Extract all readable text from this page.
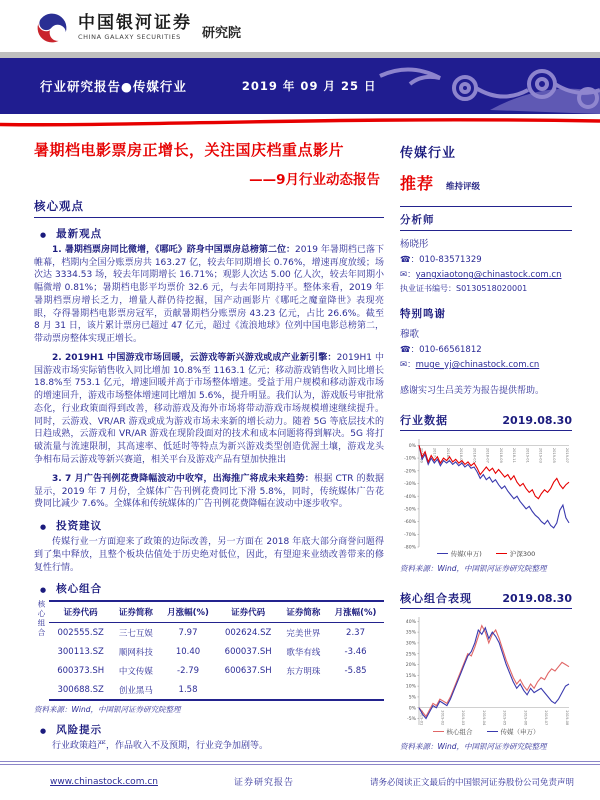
中国银河证券
CHINA GALAXY SECURITIES	研究院
行业研究报告●传媒行业	2019 年 09 月 25 日
暑期档电影票房正增长，关注国庆档重点影片
——9月行业动态报告
核心观点
● 最新观点

1. 暑期档票房同比微增，《哪吒》跻身中国票房总榜第二位：2019 年暑期档已落下帷幕，档期内全国分账票房共 163.27 亿，较去年同期增长 0.76%，增速再度放缓；场次达 3334.53 场，较去年同期增长 16.71%；观影人次达 5.00 亿人次，较去年同期小幅微增 0.81%；暑期档电影平均票价 32.6 元，与去年同期持平。整体来看，2019 年暑期档票房增长乏力，增量人群仍待挖掘，国产动画影片《哪吒之魔童降世》表现亮眼，夺得暑期档电影票房冠军，贡献暑期档分账票房 43.23 亿元，占比 26.6%。截至 8 月 31 日，该片累计票房已超过 47 亿元，超过《流浪地球》位列中国电影总榜第二，带动票房整体实现正增长。

2. 2019H1 中国游戏市场回暖，云游戏等新兴游戏或成产业新引擎：2019H1 中国游戏市场实际销售收入同比增加 10.8%至 1163.1 亿元；移动游戏销售收入同比增长 18.8%至 753.1 亿元，增速回暖并高于市场整体增速。受益于用户规模和移动游戏市场的增速回升，游戏市场整体增速同比增加 5.6%，提升明显。我们认为，游戏版号审批常态化，行业政策面得到改善，移动游戏及海外市场将带动游戏市场规模增速继续提升。同时，云游戏、VR/AR 游戏或成为游戏市场未来新的增长动力。随着 5G 等底层技术的日趋成熟，云游戏和 VR/AR 游戏在现阶段面对的技术和成本问题将得到解决。5G 将打破流量与流速限制，其高速率、低延时等特点为新兴游戏类型创造优渥土壤，游戏龙头争相布局云游戏等新兴赛道，相关平台及游戏产品有望加快推出

3. 7 月广告刊例花费降幅波动中收窄，出海推广将成未来趋势：根据 CTR 的数据显示，2019 年 7 月份，全媒体广告刊例花费同比下滑 5.8%，同时，传统媒体广告花费同比减少 7.6%。全媒体和传统媒体的广告刊例花费降幅在波动中逐步收窄。

● 投资建议

传媒行业一方面迎来了政策的边际改善，另一方面在 2018 年底大部分商誉问题得到了集中释放，且整个板块估值处于历史绝对低位，因此，有望迎来业绩改善带来的修复性行情。

● 核心组合
核心组合	证券代码	证券简称	月涨幅(%)	证券代码	证券简称	月涨幅(%)
002555.SZ	三七互娱	7.97	002624.SZ	完美世界	2.37
300113.SZ	顺网科技	10.40	600037.SH	歌华有线	-3.46
600373.SH	中文传媒	-2.79	600637.SH	东方明珠	-5.85
300688.SZ	创业黑马	1.58			
资料来源：Wind，中国银河证券研究院整理
● 风险提示

行业政策趋严，作品收入不及预期，行业竞争加剧等。

传媒行业
推荐 维持评级
分析师
杨晓彤
☎：010-83571329
✉：yangxiaotong@chinastock.com.cn
执业证书编号：S0130518020001
特别鸣谢
穆歌
☎：010-66561812
✉：muge_yj@chinastock.com.cn
感谢实习生吕美芳为报告提供帮助。
行业数据	2019.08.30
0%
-10%
-20%
-30%
-40%
-50%
-60%
-70%
-80%
2017-09	2017-11	2018-01	2018-03	2018-05	2018-07	2018-09	2018-11	2019-01	2019-03	2019-05	2019-07
传媒(申万)	沪深300
资料来源：Wind，中国银河证券研究院整理
核心组合表现	2019.08.30
40%
35%
30%
25%
20%
15%
10%
5%
0%
-5% 2019-01	2019-02	2019-03	2019-04	2019-05	2019-06	2019-07	2019-08
核心组合	传媒（申万）
资料来源：Wind，中国银河证券研究院整理
www.chinastock.com.cn	证券研究报告	请务必阅读正文最后的中国银河证券股份公司免责声明
